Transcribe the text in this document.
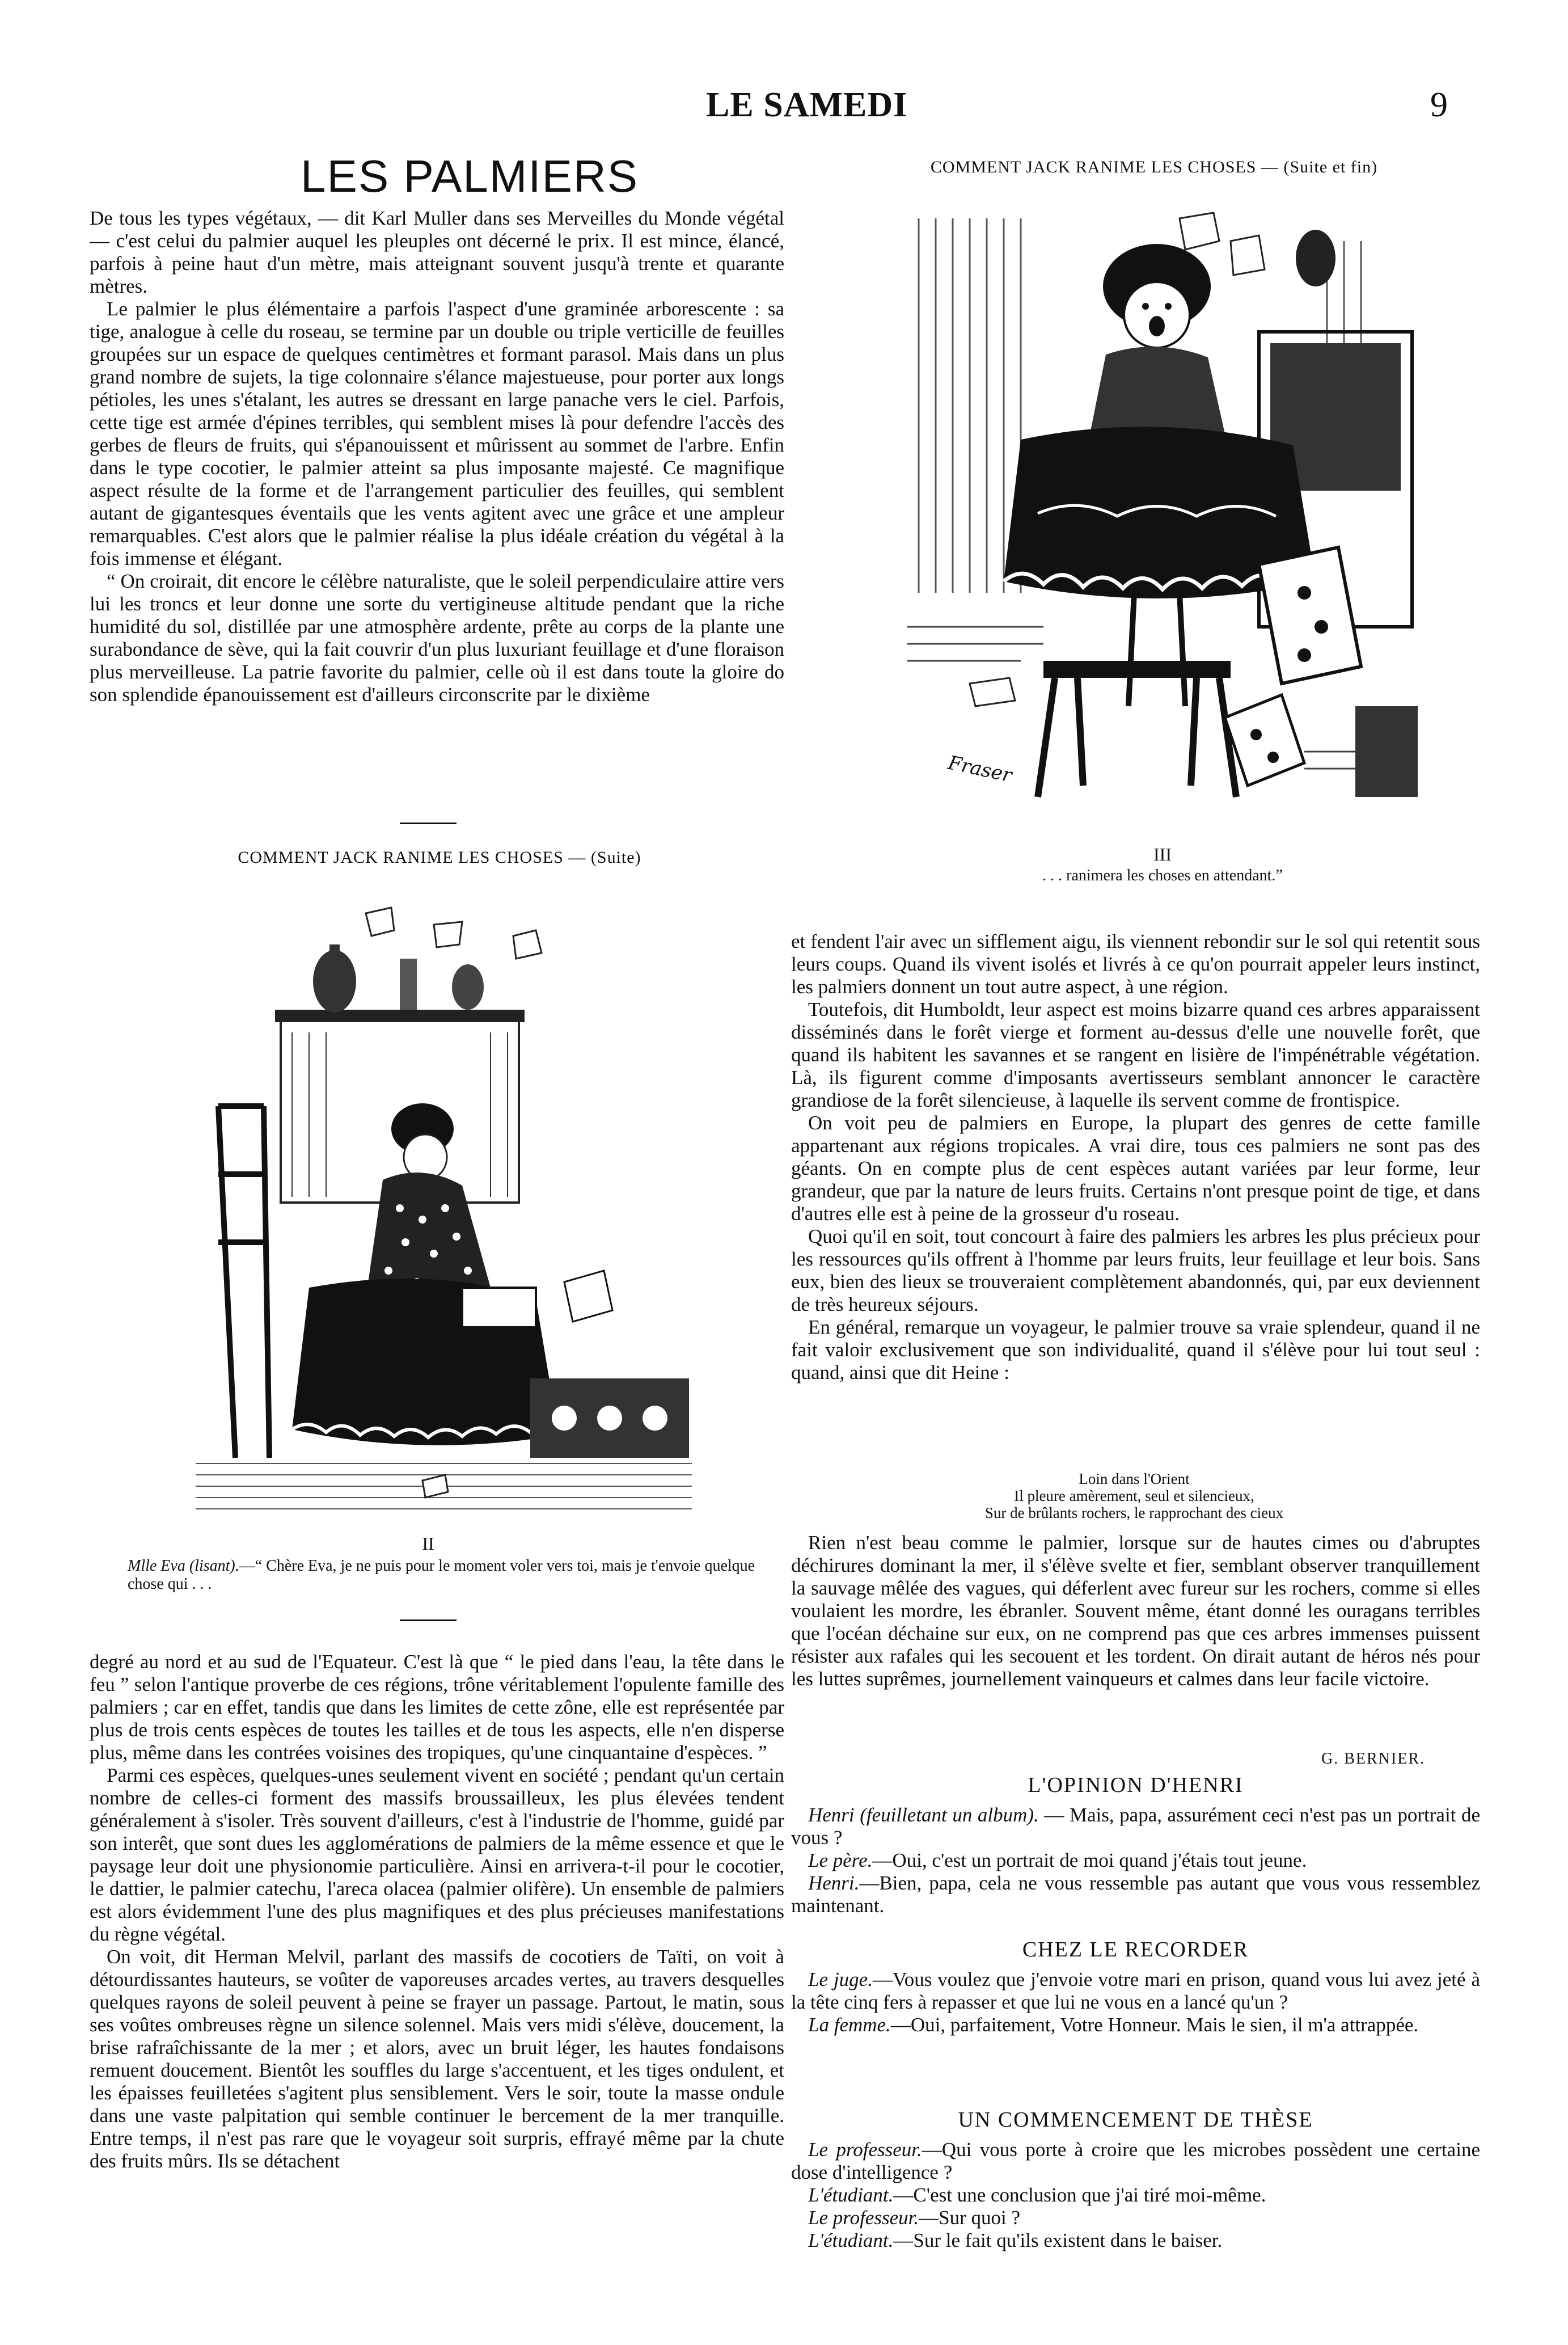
LE SAMEDI	9
LES PALMIERS

De tous les types végétaux, — dit Karl Muller dans ses Merveilles du Monde végétal — c'est celui du palmier auquel les pleuples ont décerné le prix. Il est mince, élancé, parfois à peine haut d'un mètre, mais atteignant souvent jusqu'à trente et quarante mètres.

Le palmier le plus élémentaire a parfois l'aspect d'une graminée arborescente : sa tige, analogue à celle du roseau, se termine par un double ou triple verticille de feuilles groupées sur un espace de quelques centimètres et formant parasol. Mais dans un plus grand nombre de sujets, la tige colonnaire s'élance majestueuse, pour porter aux longs pétioles, les unes s'étalant, les autres se dressant en large panache vers le ciel. Parfois, cette tige est armée d'épines terribles, qui semblent mises là pour defendre l'accès des gerbes de fleurs de fruits, qui s'épanouissent et mûrissent au sommet de l'arbre. Enfin dans le type cocotier, le palmier atteint sa plus imposante majesté. Ce magnifique aspect résulte de la forme et de l'arrangement particulier des feuilles, qui semblent autant de gigantesques éventails que les vents agitent avec une grâce et une ampleur remarquables. C'est alors que le palmier réalise la plus idéale création du végétal à la fois immense et élégant.

“ On croirait, dit encore le célèbre naturaliste, que le soleil perpendiculaire attire vers lui les troncs et leur donne une sorte du vertigineuse altitude pendant que la riche humidité du sol, distillée par une atmosphère ardente, prête au corps de la plante une surabondance de sève, qui la fait couvrir d'un plus luxuriant feuillage et d'une floraison plus merveilleuse. La patrie favorite du palmier, celle où il est dans toute la gloire do son splendide épanouissement est d'ailleurs circonscrite par le dixième

COMMENT JACK RANIME LES CHOSES — (Suite)
II
Mlle Eva (lisant).—“ Chère Eva, je ne puis pour le moment voler vers toi, mais je t'envoie quelque chose qui . . .

degré au nord et au sud de l'Equateur. C'est là que “ le pied dans l'eau, la tête dans le feu ” selon l'antique proverbe de ces régions, trône véritablement l'opulente famille des palmiers ; car en effet, tandis que dans les limites de cette zône, elle est représentée par plus de trois cents espèces de toutes les tailles et de tous les aspects, elle n'en disperse plus, même dans les contrées voisines des tropiques, qu'une cinquantaine d'espèces. ”

Parmi ces espèces, quelques-unes seulement vivent en société ; pendant qu'un certain nombre de celles-ci forment des massifs broussailleux, les plus élevées tendent généralement à s'isoler. Très souvent d'ailleurs, c'est à l'industrie de l'homme, guidé par son interêt, que sont dues les agglomérations de palmiers de la même essence et que le paysage leur doit une physionomie particulière. Ainsi en arrivera-t-il pour le cocotier, le dattier, le palmier catechu, l'areca olacea (palmier olifère). Un ensemble de palmiers est alors évidemment l'une des plus magnifiques et des plus précieuses manifestations du règne végétal.

On voit, dit Herman Melvil, parlant des massifs de cocotiers de Taïti, on voit à détourdissantes hauteurs, se voûter de vaporeuses arcades vertes, au travers desquelles quelques rayons de soleil peuvent à peine se frayer un passage. Partout, le matin, sous ses voûtes ombreuses règne un silence solennel. Mais vers midi s'élève, doucement, la brise rafraîchissante de la mer ; et alors, avec un bruit léger, les hautes fondaisons remuent doucement. Bientôt les souffles du large s'accentuent, et les tiges ondulent, et les épaisses feuilletées s'agitent plus sensiblement. Vers le soir, toute la masse ondule dans une vaste palpitation qui semble continuer le bercement de la mer tranquille. Entre temps, il n'est pas rare que le voyageur soit surpris, effrayé même par la chute des fruits mûrs. Ils se détachent

COMMENT JACK RANIME LES CHOSES — (Suite et fin)
Fraser
III
. . . ranimera les choses en attendant.”

et fendent l'air avec un sifflement aigu, ils viennent rebondir sur le sol qui retentit sous leurs coups. Quand ils vivent isolés et livrés à ce qu'on pourrait appeler leurs instinct, les palmiers donnent un tout autre aspect, à une région.

Toutefois, dit Humboldt, leur aspect est moins bizarre quand ces arbres apparaissent disséminés dans le forêt vierge et forment au-dessus d'elle une nouvelle forêt, que quand ils habitent les savannes et se rangent en lisière de l'impénétrable végétation. Là, ils figurent comme d'imposants avertisseurs semblant annoncer le caractère grandiose de la forêt silencieuse, à laquelle ils servent comme de frontispice.

On voit peu de palmiers en Europe, la plupart des genres de cette famille appartenant aux régions tropicales. A vrai dire, tous ces palmiers ne sont pas des géants. On en compte plus de cent espèces autant variées par leur forme, leur grandeur, que par la nature de leurs fruits. Certains n'ont presque point de tige, et dans d'autres elle est à peine de la grosseur d'u roseau.

Quoi qu'il en soit, tout concourt à faire des palmiers les arbres les plus précieux pour les ressources qu'ils offrent à l'homme par leurs fruits, leur feuillage et leur bois. Sans eux, bien des lieux se trouveraient complètement abandonnés, qui, par eux deviennent de très heureux séjours.

En général, remarque un voyageur, le palmier trouve sa vraie splendeur, quand il ne fait valoir exclusivement que son individualité, quand il s'élève pour lui tout seul : quand, ainsi que dit Heine :

Loin dans l'Orient
Il pleure amèrement, seul et silencieux,
Sur de brûlants rochers, le rapprochant des cieux

Rien n'est beau comme le palmier, lorsque sur de hautes cimes ou d'abruptes déchirures dominant la mer, il s'élève svelte et fier, semblant observer tranquillement la sauvage mêlée des vagues, qui déferlent avec fureur sur les rochers, comme si elles voulaient les mordre, les ébranler. Souvent même, étant donné les ouragans terribles que l'océan déchaine sur eux, on ne comprend pas que ces arbres immenses puissent résister aux rafales qui les secouent et les tordent. On dirait autant de héros nés pour les luttes suprêmes, journellement vainqueurs et calmes dans leur facile victoire.

G. BERNIER.
L'OPINION D'HENRI

Henri (feuilletant un album). — Mais, papa, assurément ceci n'est pas un portrait de vous ?

Le père.—Oui, c'est un portrait de moi quand j'étais tout jeune.

Henri.—Bien, papa, cela ne vous ressemble pas autant que vous vous ressemblez maintenant.

CHEZ LE RECORDER

Le juge.—Vous voulez que j'envoie votre mari en prison, quand vous lui avez jeté à la tête cinq fers à repasser et que lui ne vous en a lancé qu'un ?

La femme.—Oui, parfaitement, Votre Honneur. Mais le sien, il m'a attrappée.

UN COMMENCEMENT DE THÈSE

Le professeur.—Qui vous porte à croire que les microbes possèdent une certaine dose d'intelligence ?

L'étudiant.—C'est une conclusion que j'ai tiré moi-même.

Le professeur.—Sur quoi ?

L'étudiant.—Sur le fait qu'ils existent dans le baiser.
